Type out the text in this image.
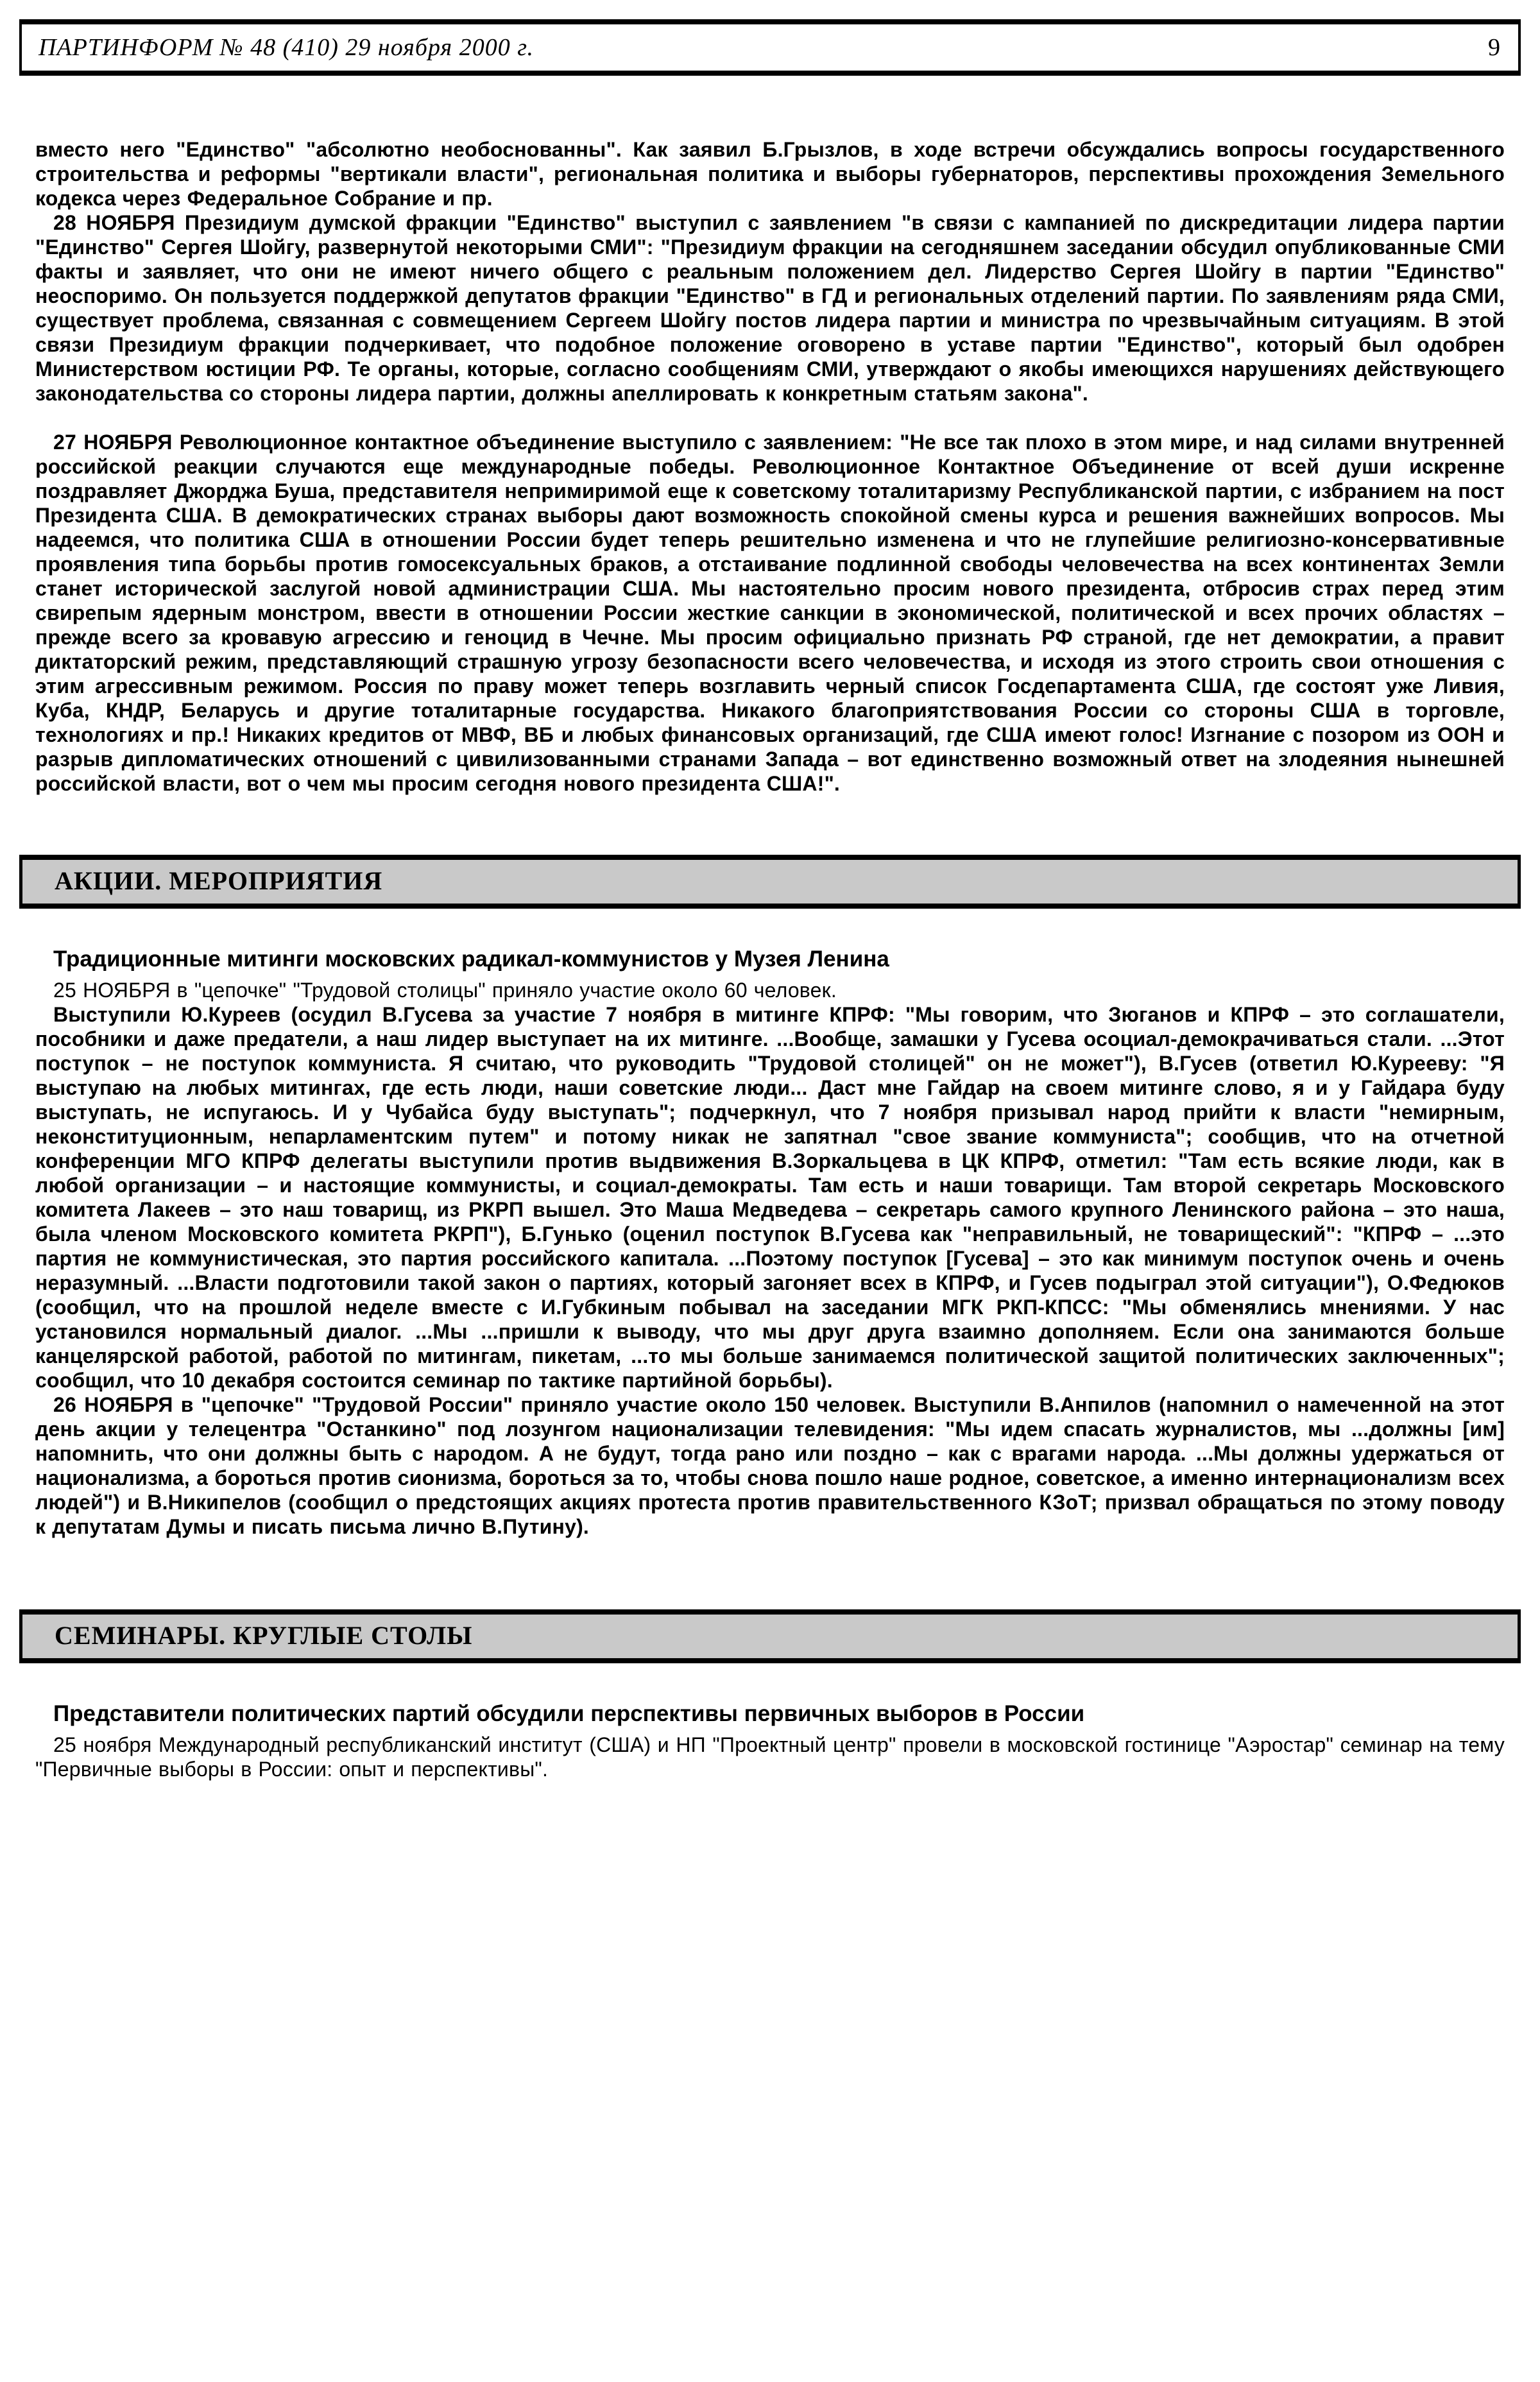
ПАРТИНФОРМ № 48 (410) 29 ноября 2000 г.	9

вместо него "Единство" "абсолютно необоснованны". Как заявил Б.Грызлов, в ходе встречи обсуждались вопросы государственного строительства и реформы "вертикали власти", региональная политика и выборы губернаторов, перспективы прохождения Земельного кодекса через Федеральное Собрание и пр.

28 НОЯБРЯ Президиум думской фракции "Единство" выступил с заявлением "в связи с кампанией по дискредитации лидера партии "Единство" Сергея Шойгу, развернутой некоторыми СМИ": "Президиум фракции на сегодняшнем заседании обсудил опубликованные СМИ факты и заявляет, что они не имеют ничего общего с реальным положением дел. Лидерство Сергея Шойгу в партии "Единство" неоспоримо. Он пользуется поддержкой депутатов фракции "Единство" в ГД и региональных отделений партии. По заявлениям ряда СМИ, существует проблема, связанная с совмещением Сергеем Шойгу постов лидера партии и министра по чрезвычайным ситуациям. В этой связи Президиум фракции подчеркивает, что подобное положение оговорено в уставе партии "Единство", который был одобрен Министерством юстиции РФ. Те органы, которые, согласно сообщениям СМИ, утверждают о якобы имеющихся нарушениях действующего законодательства со стороны лидера партии, должны апеллировать к конкретным статьям закона".

27 НОЯБРЯ Революционное контактное объединение выступило с заявлением: "Не все так плохо в этом мире, и над силами внутренней российской реакции случаются еще международные победы. Революционное Контактное Объединение от всей души искренне поздравляет Джорджа Буша, представителя непримиримой еще к советскому тоталитаризму Республиканской партии, с избранием на пост Президента США. В демократических странах выборы дают возможность спокойной смены курса и решения важнейших вопросов. Мы надеемся, что политика США в отношении России будет теперь решительно изменена и что не глупейшие религиозно-консервативные проявления типа борьбы против гомосексуальных браков, а отстаивание подлинной свободы человечества на всех континентах Земли станет исторической заслугой новой администрации США. Мы настоятельно просим нового президента, отбросив страх перед этим свирепым ядерным монстром, ввести в отношении России жесткие санкции в экономической, политической и всех прочих областях – прежде всего за кровавую агрессию и геноцид в Чечне. Мы просим официально признать РФ страной, где нет демократии, а правит диктаторский режим, представляющий страшную угрозу безопасности всего человечества, и исходя из этого строить свои отношения с этим агрессивным режимом. Россия по праву может теперь возглавить черный список Госдепартамента США, где состоят уже Ливия, Куба, КНДР, Беларусь и другие тоталитарные государства. Никакого благоприятствования России со стороны США в торговле, технологиях и пр.! Никаких кредитов от МВФ, ВБ и любых финансовых организаций, где США имеют голос! Изгнание с позором из ООН и разрыв дипломатических отношений с цивилизованными странами Запада – вот единственно возможный ответ на злодеяния нынешней российской власти, вот о чем мы просим сегодня нового президента США!".

АКЦИИ. МЕРОПРИЯТИЯ
Традиционные митинги московских радикал-коммунистов у Музея Ленина

25 НОЯБРЯ в "цепочке" "Трудовой столицы" приняло участие около 60 человек.

Выступили Ю.Куреев (осудил В.Гусева за участие 7 ноября в митинге КПРФ: "Мы говорим, что Зюганов и КПРФ – это соглашатели, пособники и даже предатели, а наш лидер выступает на их митинге. ...Вообще, замашки у Гусева осоциал-демокрачиваться стали. ...Этот поступок – не поступок коммуниста. Я считаю, что руководить "Трудовой столицей" он не может"), В.Гусев (ответил Ю.Курееву: "Я выступаю на любых митингах, где есть люди, наши советские люди... Даст мне Гайдар на своем митинге слово, я и у Гайдара буду выступать, не испугаюсь. И у Чубайса буду выступать"; подчеркнул, что 7 ноября призывал народ прийти к власти "немирным, неконституционным, непарламентским путем" и потому никак не запятнал "свое звание коммуниста"; сообщив, что на отчетной конференции МГО КПРФ делегаты выступили против выдвижения В.Зоркальцева в ЦК КПРФ, отметил: "Там есть всякие люди, как в любой организации – и настоящие коммунисты, и социал-демократы. Там есть и наши товарищи. Там второй секретарь Московского комитета Лакеев – это наш товарищ, из РКРП вышел. Это Маша Медведева – секретарь самого крупного Ленинского района – это наша, была членом Московского комитета РКРП"), Б.Гунько (оценил поступок В.Гусева как "неправильный, не товарищеский": "КПРФ – ...это партия не коммунистическая, это партия российского капитала. ...Поэтому поступок [Гусева] – это как минимум поступок очень и очень неразумный. ...Власти подготовили такой закон о партиях, который загоняет всех в КПРФ, и Гусев подыграл этой ситуации"), О.Федюков (сообщил, что на прошлой неделе вместе с И.Губкиным побывал на заседании МГК РКП-КПСС: "Мы обменялись мнениями. У нас установился нормальный диалог. ...Мы ...пришли к выводу, что мы друг друга взаимно дополняем. Если она занимаются больше канцелярской работой, работой по митингам, пикетам, ...то мы больше занимаемся политической защитой политических заключенных"; сообщил, что 10 декабря состоится семинар по тактике партийной борьбы).

26 НОЯБРЯ в "цепочке" "Трудовой России" приняло участие около 150 человек. Выступили В.Анпилов (напомнил о намеченной на этот день акции у телецентра "Останкино" под лозунгом национализации телевидения: "Мы идем спасать журналистов, мы ...должны [им] напомнить, что они должны быть с народом. А не будут, тогда рано или поздно – как с врагами народа. ...Мы должны удержаться от национализма, а бороться против сионизма, бороться за то, чтобы снова пошло наше родное, советское, а именно интернационализм всех людей") и В.Никипелов (сообщил о предстоящих акциях протеста против правительственного КЗоТ; призвал обращаться по этому поводу к депутатам Думы и писать письма лично В.Путину).

СЕМИНАРЫ. КРУГЛЫЕ СТОЛЫ
Представители политических партий обсудили перспективы первичных выборов в России

25 ноября Международный республиканский институт (США) и НП "Проектный центр" провели в московской гостинице "Аэростар" семинар на тему "Первичные выборы в России: опыт и перспективы".
